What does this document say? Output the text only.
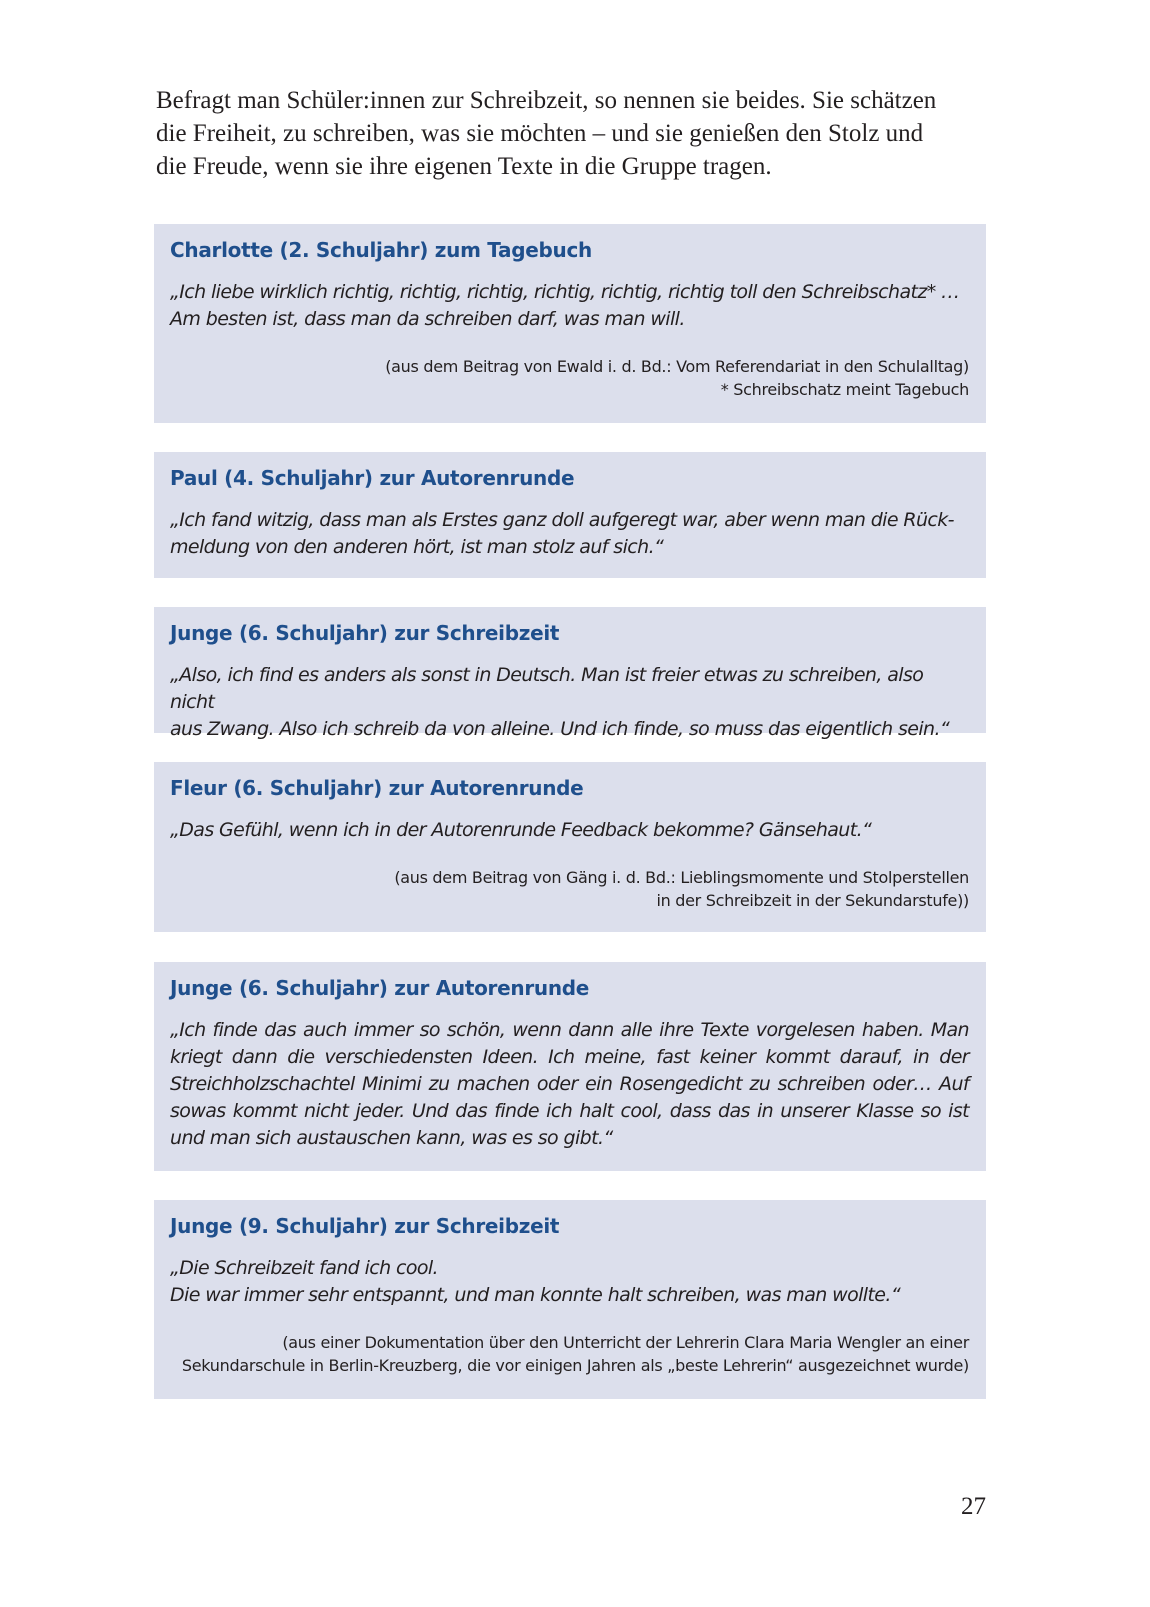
Befragt man Schüler:innen zur Schreibzeit, so nennen sie beides. Sie schätzen
die Freiheit, zu schreiben, was sie möchten – und sie genießen den Stolz und
die Freude, wenn sie ihre eigenen Texte in die Gruppe tragen.

Charlotte (2. Schuljahr) zum Tagebuch

„Ich liebe wirklich richtig, richtig, richtig, richtig, richtig, richtig toll den Schreibschatz* …
Am besten ist, dass man da schreiben darf, was man will.

(aus dem Beitrag von Ewald i. d. Bd.: Vom Referendariat in den Schulalltag)
* Schreibschatz meint Tagebuch

Paul (4. Schuljahr) zur Autorenrunde

„Ich fand witzig, dass man als Erstes ganz doll aufgeregt war, aber wenn man die Rück-
meldung von den anderen hört, ist man stolz auf sich.“

Junge (6. Schuljahr) zur Schreibzeit

„Also, ich find es anders als sonst in Deutsch. Man ist freier etwas zu schreiben, also nicht
aus Zwang. Also ich schreib da von alleine. Und ich finde, so muss das eigentlich sein.“

Fleur (6. Schuljahr) zur Autorenrunde

„Das Gefühl, wenn ich in der Autorenrunde Feedback bekomme? Gänsehaut.“

(aus dem Beitrag von Gäng i. d. Bd.: Lieblingsmomente und Stolperstellen
in der Schreibzeit in der Sekundarstufe))

Junge (6. Schuljahr) zur Autorenrunde

„Ich finde das auch immer so schön, wenn dann alle ihre Texte vorgelesen haben. Man kriegt dann die verschiedensten Ideen. Ich meine, fast keiner kommt darauf, in der Streichholzschachtel Minimi zu machen oder ein Rosengedicht zu schreiben oder… Auf sowas kommt nicht jeder. Und das finde ich halt cool, dass das in unserer Klasse so ist und man sich austauschen kann, was es so gibt.“

Junge (9. Schuljahr) zur Schreibzeit

„Die Schreibzeit fand ich cool.
Die war immer sehr entspannt, und man konnte halt schreiben, was man wollte.“

(aus einer Dokumentation über den Unterricht der Lehrerin Clara Maria Wengler an einer
Sekundarschule in Berlin-Kreuzberg, die vor einigen Jahren als „beste Lehrerin“ ausgezeichnet wurde)

27
